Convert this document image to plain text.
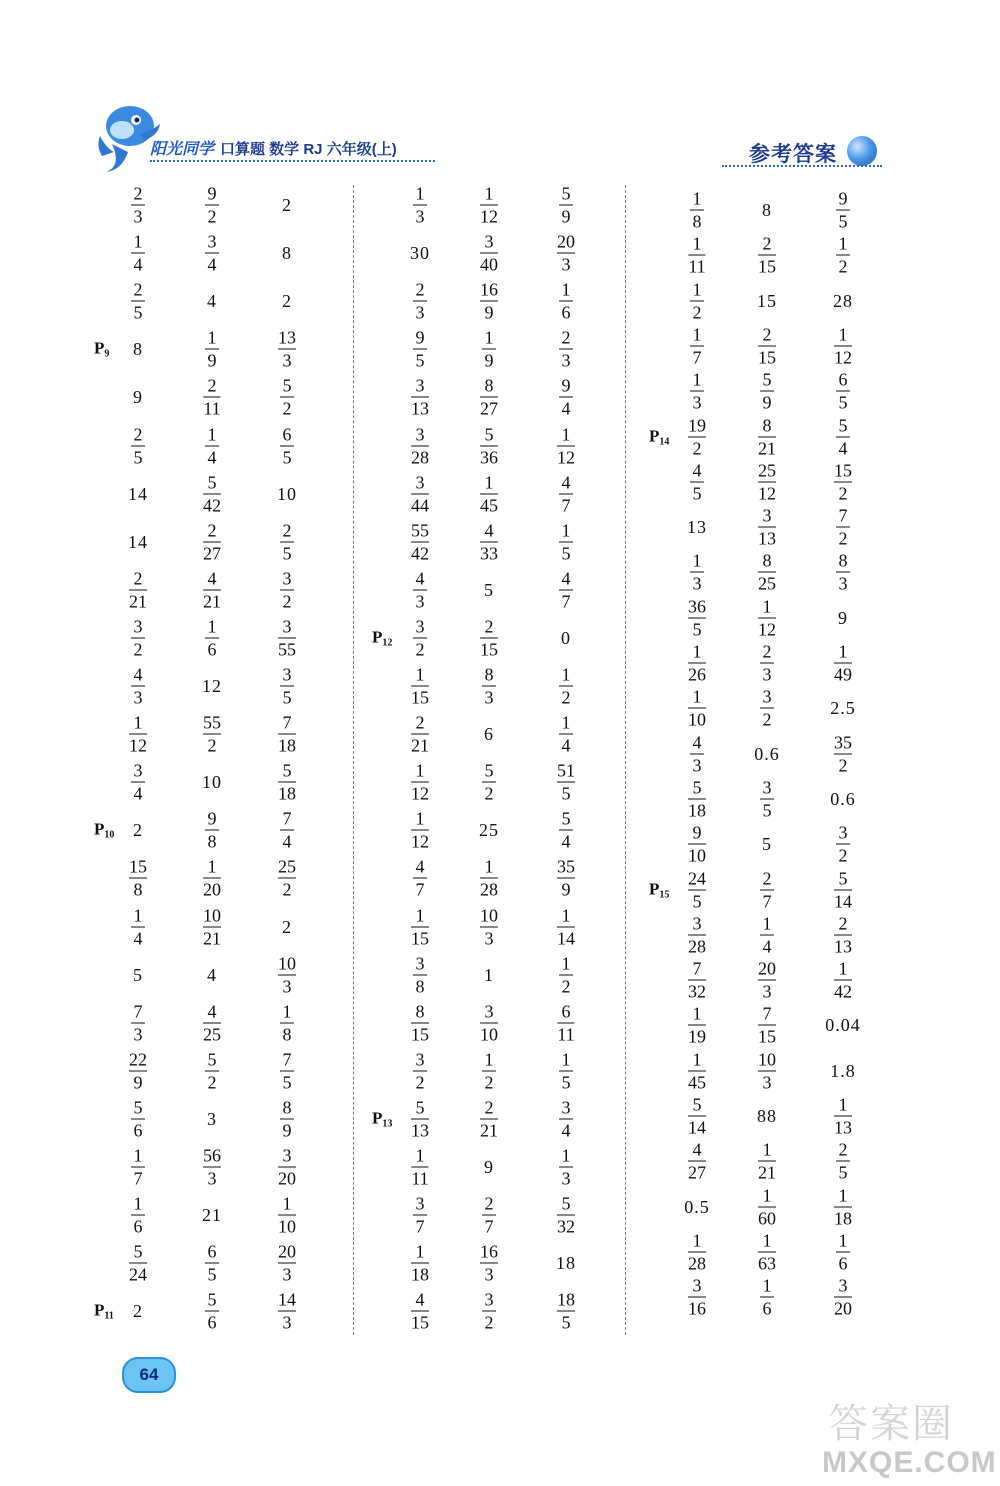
阳光同学 口算题 数学 RJ 六年级(上)	参考答案
$\frac{2}{3}$	$\frac{9}{2}$	2
$\frac{1}{4}$	$\frac{3}{4}$	8
$\frac{2}{5}$	4	2
8	$\frac{1}{9}$	$\frac{13}{3}$
9	$\frac{2}{11}$	$\frac{5}{2}$
$\frac{2}{5}$	$\frac{1}{4}$	$\frac{6}{5}$
14	$\frac{5}{42}$	10
14	$\frac{2}{27}$	$\frac{2}{5}$
$\frac{2}{21}$	$\frac{4}{21}$	$\frac{3}{2}$
$\frac{3}{2}$	$\frac{1}{6}$	$\frac{3}{55}$
$\frac{4}{3}$	12	$\frac{3}{5}$
$\frac{1}{12}$	$\frac{55}{2}$	$\frac{7}{18}$
$\frac{3}{4}$	10	$\frac{5}{18}$
2	$\frac{9}{8}$	$\frac{7}{4}$
$\frac{15}{8}$	$\frac{1}{20}$	$\frac{25}{2}$
$\frac{1}{4}$	$\frac{10}{21}$	2
5	4	$\frac{10}{3}$
$\frac{7}{3}$	$\frac{4}{25}$	$\frac{1}{8}$
$\frac{22}{9}$	$\frac{5}{2}$	$\frac{7}{5}$
$\frac{5}{6}$	3	$\frac{8}{9}$
$\frac{1}{7}$	$\frac{56}{3}$	$\frac{3}{20}$
$\frac{1}{6}$	21	$\frac{1}{10}$
$\frac{5}{24}$	$\frac{6}{5}$	$\frac{20}{3}$
2	$\frac{5}{6}$	$\frac{14}{3}$
$\frac{1}{3}$	$\frac{1}{12}$	$\frac{5}{9}$
30	$\frac{3}{40}$	$\frac{20}{3}$
$\frac{2}{3}$	$\frac{16}{9}$	$\frac{1}{6}$
$\frac{9}{5}$	$\frac{1}{9}$	$\frac{2}{3}$
$\frac{3}{13}$	$\frac{8}{27}$	$\frac{9}{4}$
$\frac{3}{28}$	$\frac{5}{36}$	$\frac{1}{12}$
$\frac{3}{44}$	$\frac{1}{45}$	$\frac{4}{7}$
$\frac{55}{42}$	$\frac{4}{33}$	$\frac{1}{5}$
$\frac{4}{3}$	5	$\frac{4}{7}$
$\frac{3}{2}$	$\frac{2}{15}$	0
$\frac{1}{15}$	$\frac{8}{3}$	$\frac{1}{2}$
$\frac{2}{21}$	6	$\frac{1}{4}$
$\frac{1}{12}$	$\frac{5}{2}$	$\frac{51}{5}$
$\frac{1}{12}$	25	$\frac{5}{4}$
$\frac{4}{7}$	$\frac{1}{28}$	$\frac{35}{9}$
$\frac{1}{15}$	$\frac{10}{3}$	$\frac{1}{14}$
$\frac{3}{8}$	1	$\frac{1}{2}$
$\frac{8}{15}$	$\frac{3}{10}$	$\frac{6}{11}$
$\frac{3}{2}$	$\frac{1}{2}$	$\frac{1}{5}$
$\frac{5}{13}$	$\frac{2}{21}$	$\frac{3}{4}$
$\frac{1}{11}$	9	$\frac{1}{3}$
$\frac{3}{7}$	$\frac{2}{7}$	$\frac{5}{32}$
$\frac{1}{18}$	$\frac{16}{3}$	18
$\frac{4}{15}$	$\frac{3}{2}$	$\frac{18}{5}$
$\frac{1}{8}$	8	$\frac{9}{5}$
$\frac{1}{11}$	$\frac{2}{15}$	$\frac{1}{2}$
$\frac{1}{2}$	15	28
$\frac{1}{7}$	$\frac{2}{15}$	$\frac{1}{12}$
$\frac{1}{3}$	$\frac{5}{9}$	$\frac{6}{5}$
$\frac{19}{2}$	$\frac{8}{21}$	$\frac{5}{4}$
$\frac{4}{5}$	$\frac{25}{12}$	$\frac{15}{2}$
13	$\frac{3}{13}$	$\frac{7}{2}$
$\frac{1}{3}$	$\frac{8}{25}$	$\frac{8}{3}$
$\frac{36}{5}$	$\frac{1}{12}$	9
$\frac{1}{26}$	$\frac{2}{3}$	$\frac{1}{49}$
$\frac{1}{10}$	$\frac{3}{2}$	2.5
$\frac{4}{3}$	0.6	$\frac{35}{2}$
$\frac{5}{18}$	$\frac{3}{5}$	0.6
$\frac{9}{10}$	5	$\frac{3}{2}$
$\frac{24}{5}$	$\frac{2}{7}$	$\frac{5}{14}$
$\frac{3}{28}$	$\frac{1}{4}$	$\frac{2}{13}$
$\frac{7}{32}$	$\frac{20}{3}$	$\frac{1}{42}$
$\frac{1}{19}$	$\frac{7}{15}$	0.04
$\frac{1}{45}$	$\frac{10}{3}$	1.8
$\frac{5}{14}$	88	$\frac{1}{13}$
$\frac{4}{27}$	$\frac{1}{21}$	$\frac{2}{5}$
0.5	$\frac{1}{60}$	$\frac{1}{18}$
$\frac{1}{28}$	$\frac{1}{63}$	$\frac{1}{6}$
$\frac{3}{16}$	$\frac{1}{6}$	$\frac{3}{20}$
$P_9$
$P_{10}$
$P_{11}$
$P_{12}$
$P_{13}$
$P_{14}$
$P_{15}$
64
答案圈
MXQE.COM
